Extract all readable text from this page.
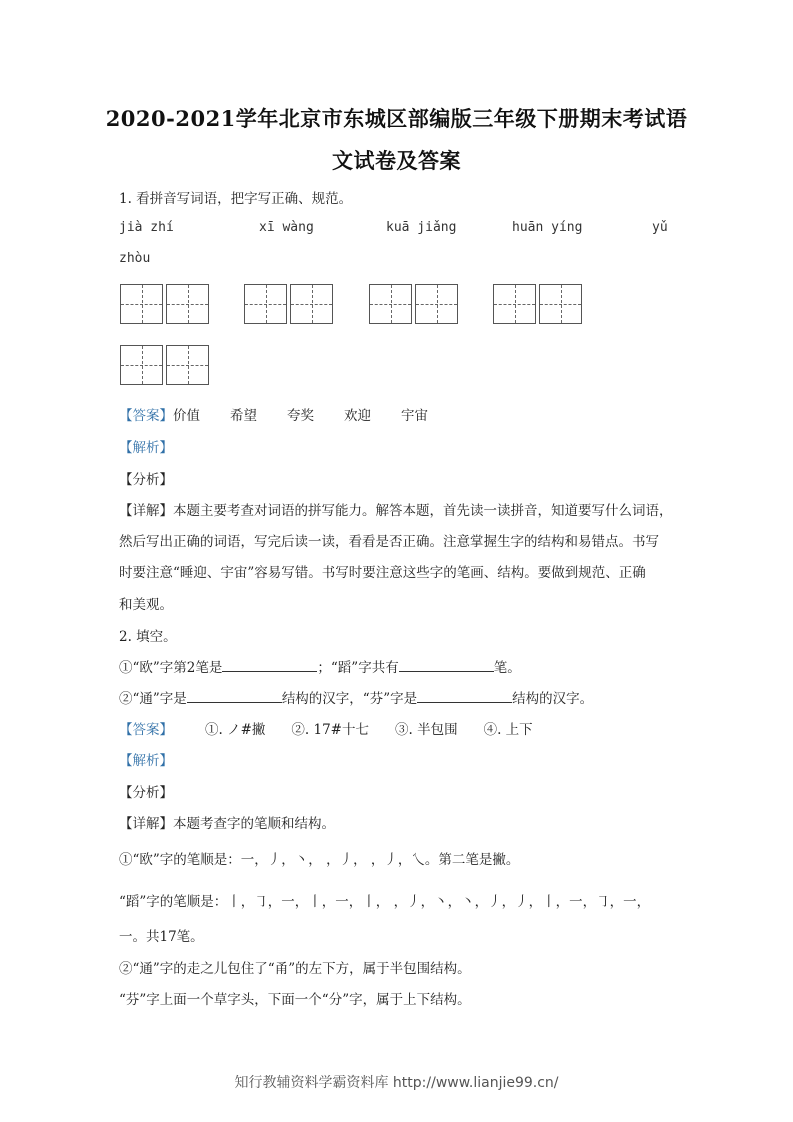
2020-2021学年北京市东城区部编版三年级下册期末考试语
文试卷及答案
1. 看拼音写词语，把字写正确、规范。
jià zhí	xī wàng	kuā jiǎng	huān yíng	yǔ
zhòu
【答案】价值 希望 夸奖 欢迎 宇宙
【解析】
【分析】
【详解】本题主要考查对词语的拼写能力。解答本题，首先读一读拼音，知道要写什么词语，
然后写出正确的词语，写完后读一读，看看是否正确。注意掌握生字的结构和易错点。书写
时要注意“睡迎、宇宙”容易写错。书写时要注意这些字的笔画、结构。要做到规范、正确
和美观。
2. 填空。
①“欧”字第2笔是	；“蹈”字共有	笔。
②“通”字是	结构的汉字，“芬”字是	结构的汉字。
【答案】 ①. ノ#撇 ②. 17#十七 ③. 半包围 ④. 上下
【解析】
【分析】
【详解】本题考查字的笔顺和结构。
①“欧”字的笔顺是：一，丿，丶， ，丿， ，丿，乀。第二笔是撇。
“蹈”字的笔顺是：丨，㇆，一，丨，一，丨， ，丿，丶，丶，丿，丿，丨，一，㇆，一，
一。共17笔。
②“通”字的走之儿包住了“甬”的左下方，属于半包围结构。
“芬”字上面一个草字头，下面一个“分”字，属于上下结构。
知行教辅资料学霸资料库 http://www.lianjie99.cn/
